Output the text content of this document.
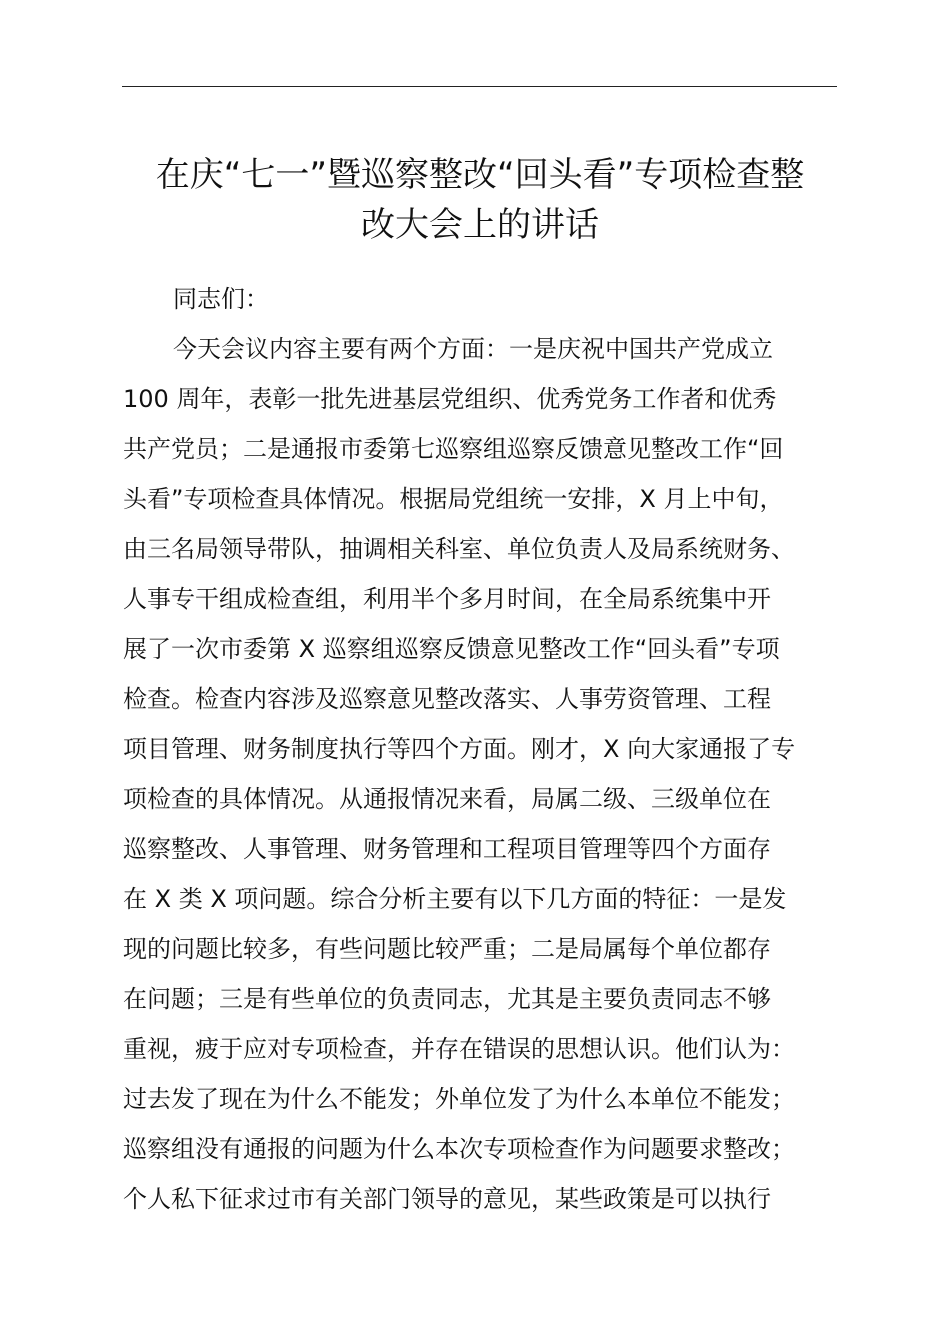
在庆“七一”暨巡察整改“回头看”专项检查整
改大会上的讲话
同志们：
今天会议内容主要有两个方面：一是庆祝中国共产党成立
100 周年，表彰一批先进基层党组织、优秀党务工作者和优秀
共产党员；二是通报市委第七巡察组巡察反馈意见整改工作“回
头看”专项检查具体情况。根据局党组统一安排，X 月上中旬，
由三名局领导带队，抽调相关科室、单位负责人及局系统财务、
人事专干组成检查组，利用半个多月时间，在全局系统集中开
展了一次市委第 X 巡察组巡察反馈意见整改工作“回头看”专项
检查。检查内容涉及巡察意见整改落实、人事劳资管理、工程
项目管理、财务制度执行等四个方面。刚才，X 向大家通报了专
项检查的具体情况。从通报情况来看，局属二级、三级单位在
巡察整改、人事管理、财务管理和工程项目管理等四个方面存
在 X 类 X 项问题。综合分析主要有以下几方面的特征：一是发
现的问题比较多，有些问题比较严重；二是局属每个单位都存
在问题；三是有些单位的负责同志，尤其是主要负责同志不够
重视，疲于应对专项检查，并存在错误的思想认识。他们认为：
过去发了现在为什么不能发；外单位发了为什么本单位不能发；
巡察组没有通报的问题为什么本次专项检查作为问题要求整改；
个人私下征求过市有关部门领导的意见，某些政策是可以执行
